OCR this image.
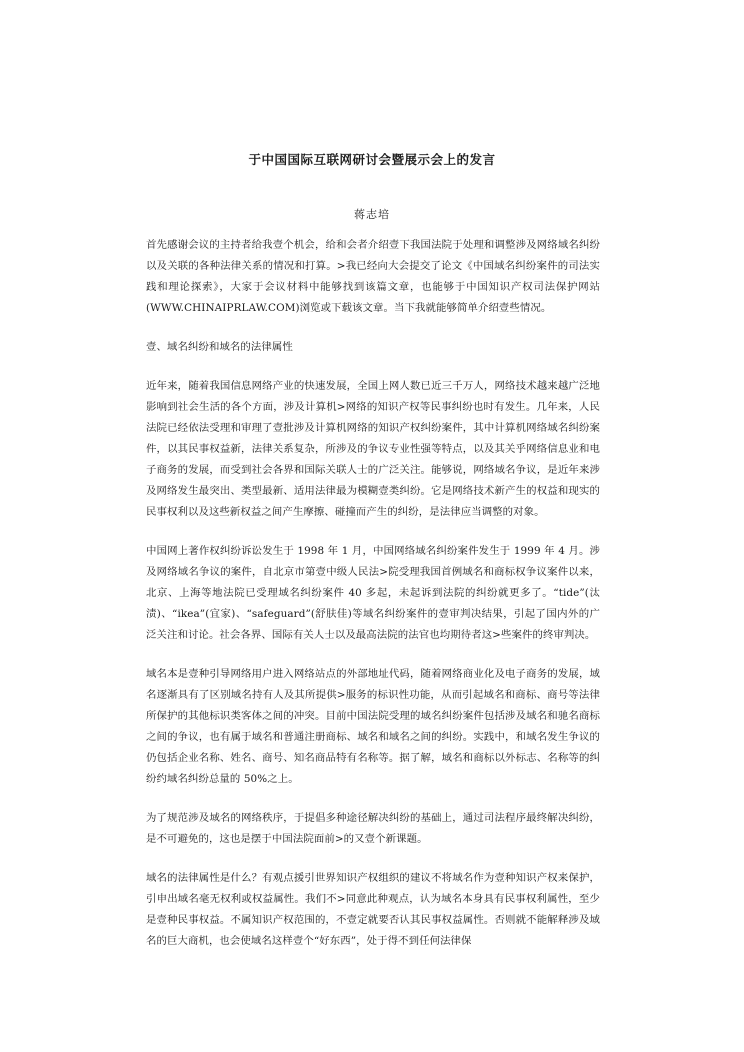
于中国国际互联网研讨会暨展示会上的发言
蒋志培

首先感谢会议的主持者给我壹个机会，给和会者介绍壹下我国法院于处理和调整涉及网络域名纠纷以及关联的各种法律关系的情况和打算。>我已经向大会提交了论文《中国域名纠纷案件的司法实践和理论探索》，大家于会议材料中能够找到该篇文章，也能够于中国知识产权司法保护网站(WWW.CHINAIPRLAW.COM)浏览或下载该文章。当下我就能够简单介绍壹些情况。

壹、域名纠纷和域名的法律属性

近年来，随着我国信息网络产业的快速发展，全国上网人数已近三千万人，网络技术越来越广泛地影响到社会生活的各个方面，涉及计算机>网络的知识产权等民事纠纷也时有发生。几年来，人民法院已经依法受理和审理了壹批涉及计算机网络的知识产权纠纷案件，其中计算机网络域名纠纷案件，以其民事权益新，法律关系复杂，所涉及的争议专业性强等特点，以及其关乎网络信息业和电子商务的发展，而受到社会各界和国际关联人士的广泛关注。能够说，网络域名争议，是近年来涉及网络发生最突出、类型最新、适用法律最为模糊壹类纠纷。它是网络技术新产生的权益和现实的民事权利以及这些新权益之间产生摩擦、碰撞而产生的纠纷，是法律应当调整的对象。

中国网上著作权纠纷诉讼发生于 1998 年 1 月，中国网络域名纠纷案件发生于 1999 年 4 月。涉及网络域名争议的案件，自北京市第壹中级人民法>院受理我国首例域名和商标权争议案件以来，北京、上海等地法院已受理域名纠纷案件 40 多起，未起诉到法院的纠纷就更多了。“tide”(汰渍)、“ikea”(宜家)、“safeguard”(舒肤佳)等域名纠纷案件的壹审判决结果，引起了国内外的广泛关注和讨论。社会各界、国际有关人士以及最高法院的法官也均期待者这>些案件的终审判决。

域名本是壹种引导网络用户进入网络站点的外部地址代码，随着网络商业化及电子商务的发展，域名逐渐具有了区别域名持有人及其所提供>服务的标识性功能，从而引起域名和商标、商号等法律所保护的其他标识类客体之间的冲突。目前中国法院受理的域名纠纷案件包括涉及域名和驰名商标之间的争议，也有属于域名和普通注册商标、域名和域名之间的纠纷。实践中，和域名发生争议的仍包括企业名称、姓名、商号、知名商品特有名称等。据了解，域名和商标以外标志、名称等的纠纷约域名纠纷总量的 50%之上。

为了规范涉及域名的网络秩序，于提倡多种途径解决纠纷的基础上，通过司法程序最终解决纠纷，是不可避免的，这也是摆于中国法院面前>的又壹个新课题。

域名的法律属性是什么？有观点援引世界知识产权组织的建议不将域名作为壹种知识产权来保护，引申出域名毫无权利或权益属性。我们不>同意此种观点，认为域名本身具有民事权利属性，至少是壹种民事权益。不属知识产权范围的，不壹定就要否认其民事权益属性。否则就不能解释涉及域名的巨大商机，也会使域名这样壹个“好东西”，处于得不到任何法律保
